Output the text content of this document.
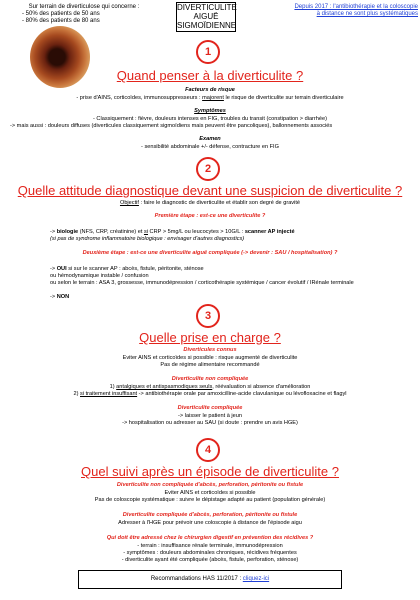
Sur terrain de diverticulose qui concerne :
- 50% des patients de 50 ans
- 80% des patients de 80 ans
DIVERTICULITE
AIGUË
SIGMOÏDIENNE
Depuis 2017 : l'antibiothérapie et la coloscopie
à distance ne sont plus systématiques
1
Quand penser à la diverticulite ?
Facteurs de risque
- prise d'AINS, corticoïdes, immunosuppresseurs : majorent le risque de diverticulite sur terrain diverticulaire
Symptômes
- Classiquement : fièvre, douleurs intenses en FIG, troubles du transit (constipation > diarrhée)
-> mais aussi : douleurs diffuses (diverticules classiquement sigmoïdiens mais peuvent être pancoliques), ballonnements associés
Examen
- sensibilité abdominale +/- défense, contracture en FIG
2
Quelle attitude diagnostique devant une suspicion de diverticulite ?
Objectif : faire le diagnostic de diverticulite et établir son degré de gravité
Première étape : est-ce une diverticulite ?
-> biologie (NFS, CRP, créatinine) et si CRP > 5mg/L ou leucocytes > 10G/L : scanner AP injecté
(si pas de syndrome inflammatoire biologique : envisager d'autres diagnostics)
Deuxième étape : est-ce une diverticulite aiguë compliquée (-> devenir : SAU / hospitalisation) ?
-> OUI si sur le scanner AP : abcès, fistule, péritonite, sténose
ou hémodynamique instable / confusion
ou selon le terrain : ASA 3, grossesse, immunodépression / corticothérapie systémique / cancer évolutif / IRénale terminale
-> NON
3
Quelle prise en charge ?
Diverticules connus
Eviter AINS et corticoïdes si possible : risque augmenté de diverticulite
Pas de régime alimentaire recommandé
Diverticulite non compliquée
1) antalgiques et antispasmodiques seuls, réévaluation si absence d'amélioration
2) si traitement insuffisant -> antibiothérapie orale par amoxicilline-acide clavulanique ou lévofloxacine et flagyl
Diverticulite compliquée
-> laisser le patient à jeun
-> hospitalisation ou adresser au SAU (si doute : prendre un avis HGE)
4
Quel suivi après un épisode de diverticulite ?
Diverticulite non compliquée d'abcès, perforation, péritonite ou fistule
Eviter AINS et corticoïdes si possible
Pas de coloscopie systématique : suivre le dépistage adapté au patient (population générale)
Diverticulite compliquée d'abcès, perforation, péritonite ou fistule
Adresser à l'HGE pour prévoir une coloscopie à distance de l'épisode aigu
Qui doit être adressé chez le chirurgien digestif en prévention des récidives ?
- terrain : insuffisance rénale terminale, immunodépression
- symptômes : douleurs abdominales chroniques, récidives fréquentes
- diverticulite ayant été compliquée (abcès, fistule, perforation, sténose)
Recommandations HAS 11/2017 : cliquez-ici
